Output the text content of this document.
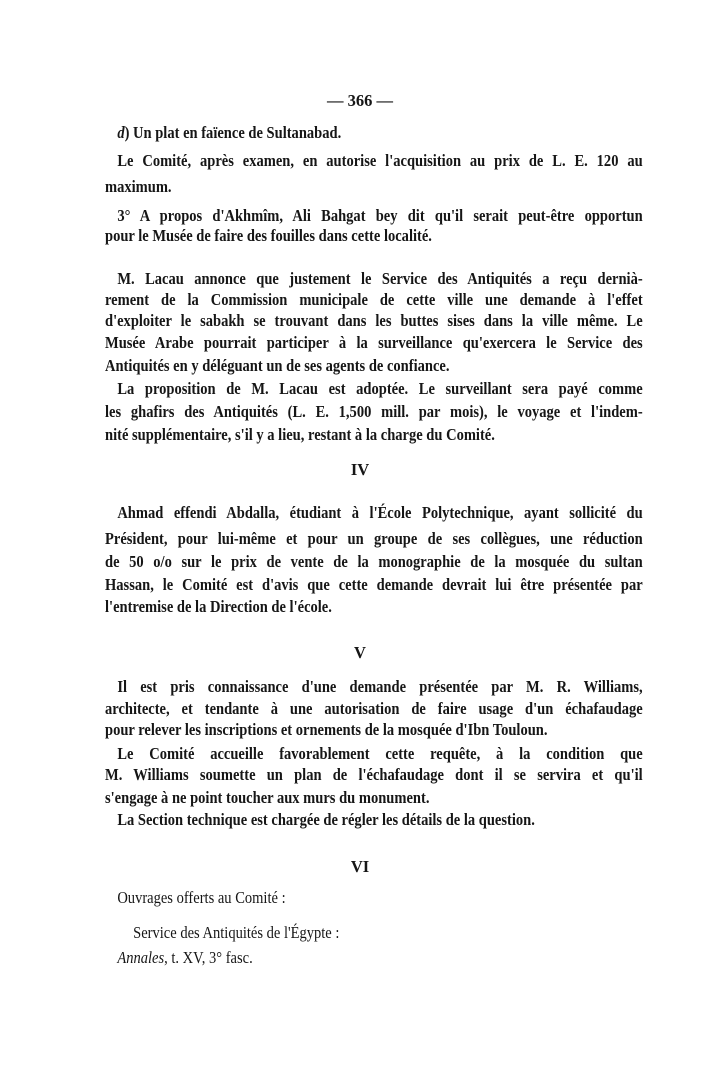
— 366 —
d) Un plat en faïence de Sultanabad.
Le Comité, après examen, en autorise l'acquisition au prix de L. E. 120 au
maximum.
3° A propos d'Akhmîm, Ali Bahgat bey dit qu'il serait peut-être opportun
pour le Musée de faire des fouilles dans cette localité.
M. Lacau annonce que justement le Service des Antiquités a reçu dernià-
rement de la Commission municipale de cette ville une demande à l'effet
d'exploiter le sabakh se trouvant dans les buttes sises dans la ville même. Le
Musée Arabe pourrait participer à la surveillance qu'exercera le Service des
Antiquités en y déléguant un de ses agents de confiance.
La proposition de M. Lacau est adoptée. Le surveillant sera payé comme
les ghafirs des Antiquités (L. E. 1,500 mill. par mois), le voyage et l'indem-
nité supplémentaire, s'il y a lieu, restant à la charge du Comité.
IV
Ahmad effendi Abdalla, étudiant à l'École Polytechnique, ayant sollicité du
Président, pour lui-même et pour un groupe de ses collègues, une réduction
de 50 o/o sur le prix de vente de la monographie de la mosquée du sultan
Hassan, le Comité est d'avis que cette demande devrait lui être présentée par
l'entremise de la Direction de l'école.
V
Il est pris connaissance d'une demande présentée par M. R. Williams,
architecte, et tendante à une autorisation de faire usage d'un échafaudage
pour relever les inscriptions et ornements de la mosquée d'Ibn Touloun.
Le Comité accueille favorablement cette requête, à la condition que
M. Williams soumette un plan de l'échafaudage dont il se servira et qu'il
s'engage à ne point toucher aux murs du monument.
La Section technique est chargée de régler les détails de la question.
VI
Ouvrages offerts au Comité :
Service des Antiquités de l'Égypte :
Annales, t. XV, 3° fasc.
